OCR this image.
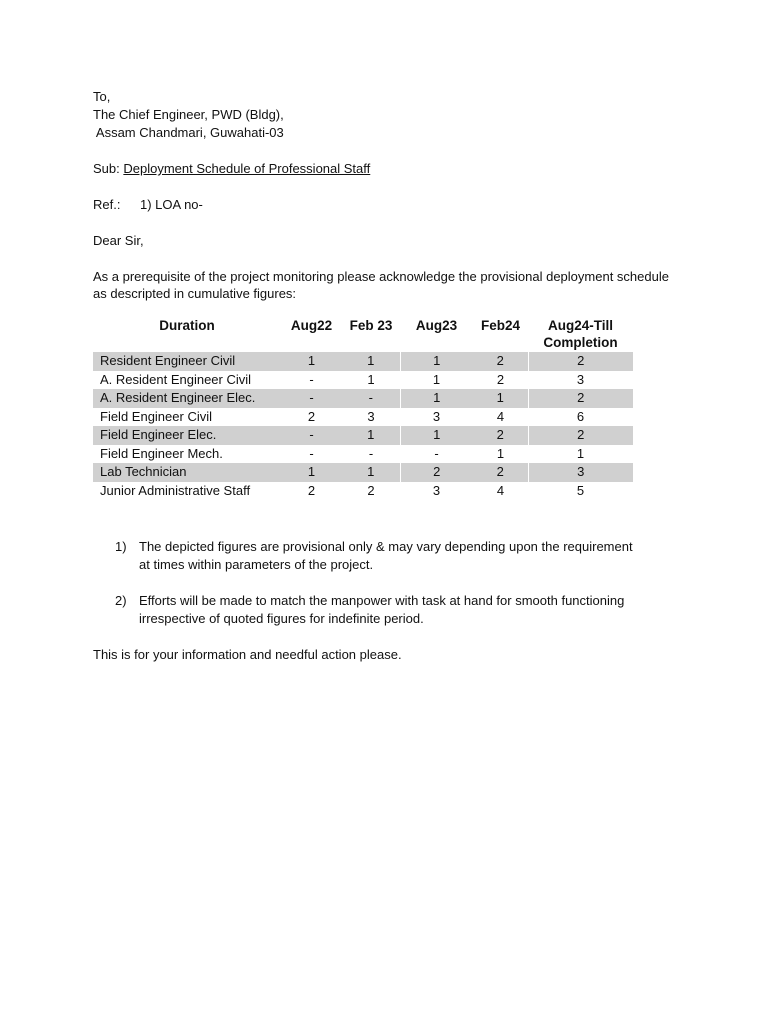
To,
The Chief Engineer, PWD (Bldg),
Assam Chandmari, Guwahati-03
Sub: Deployment Schedule of Professional Staff
Ref.: 1) LOA no-
Dear Sir,
As a prerequisite of the project monitoring please acknowledge the provisional deployment schedule as descripted in cumulative figures:
Duration	Aug22	Feb 23	Aug23	Feb24	Aug24-Till Completion
Resident Engineer Civil	1	1	1	2	2
A. Resident Engineer Civil	-	1	1	2	3
A. Resident Engineer Elec.	-	-	1	1	2
Field Engineer Civil	2	3	3	4	6
Field Engineer Elec.	-	1	1	2	2
Field Engineer Mech.	-	-	-	1	1
Lab Technician	1	1	2	2	3
Junior Administrative Staff	2	2	3	4	5
1) The depicted figures are provisional only & may vary depending upon the requirement at times within parameters of the project.
2) Efforts will be made to match the manpower with task at hand for smooth functioning irrespective of quoted figures for indefinite period.
This is for your information and needful action please.
